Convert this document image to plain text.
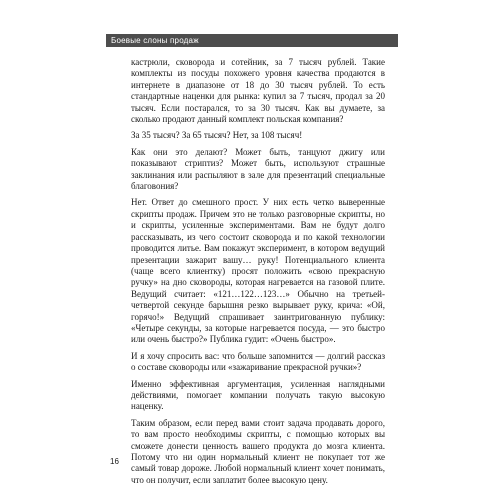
Боевые слоны продаж

кастрюли, сковорода и сотейник, за 7 тысяч рублей. Такие комплекты из посуды похожего уровня качества продаются в интернете в диапазоне от 18 до 30 тысяч рублей. То есть стандартные наценки для рынка: купил за 7 тысяч, продал за 20 тысяч. Если постарался, то за 30 тысяч. Как вы думаете, за сколько продают данный комплект польская компания?

За 35 тысяч? За 65 тысяч? Нет, за 108 тысяч!

Как они это делают? Может быть, танцуют джигу или показывают стриптиз? Может быть, используют страшные заклинания или распыляют в зале для презентаций специальные благовония?

Нет. Ответ до смешного прост. У них есть четко выверенные скрипты продаж. Причем это не только разговорные скрипты, но и скрипты, усиленные экспериментами. Вам не будут долго рассказывать, из чего состоит сковорода и по какой технологии проводится литье. Вам покажут эксперимент, в котором ведущий презентации зажарит вашу… руку! Потенциального клиента (чаще всего клиентку) просят положить «свою прекрасную ручку» на дно сковороды, которая нагревается на газовой плите. Ведущий считает: «121…122…123…» Обычно на третьей-четвертой секунде барышня резко вырывает руку, крича: «Ой, горячо!» Ведущий спрашивает заинтригованную публику: «Четыре секунды, за которые нагревается посуда, — это быстро или очень быстро?» Публика гудит: «Очень быстро».

И я хочу спросить вас: что больше запомнится — долгий рассказ о составе сковороды или «зажаривание прекрасной ручки»?

Именно эффективная аргументация, усиленная наглядными действиями, помогает компании получать такую высокую наценку.

Таким образом, если перед вами стоит задача продавать дорого, то вам просто необходимы скрипты, с помощью которых вы сможете донести ценность вашего продукта до мозга клиента. Потому что ни один нормальный клиент не покупает тот же самый товар дороже. Любой нормальный клиент хочет понимать, что он получит, если заплатит более высокую цену.

16
